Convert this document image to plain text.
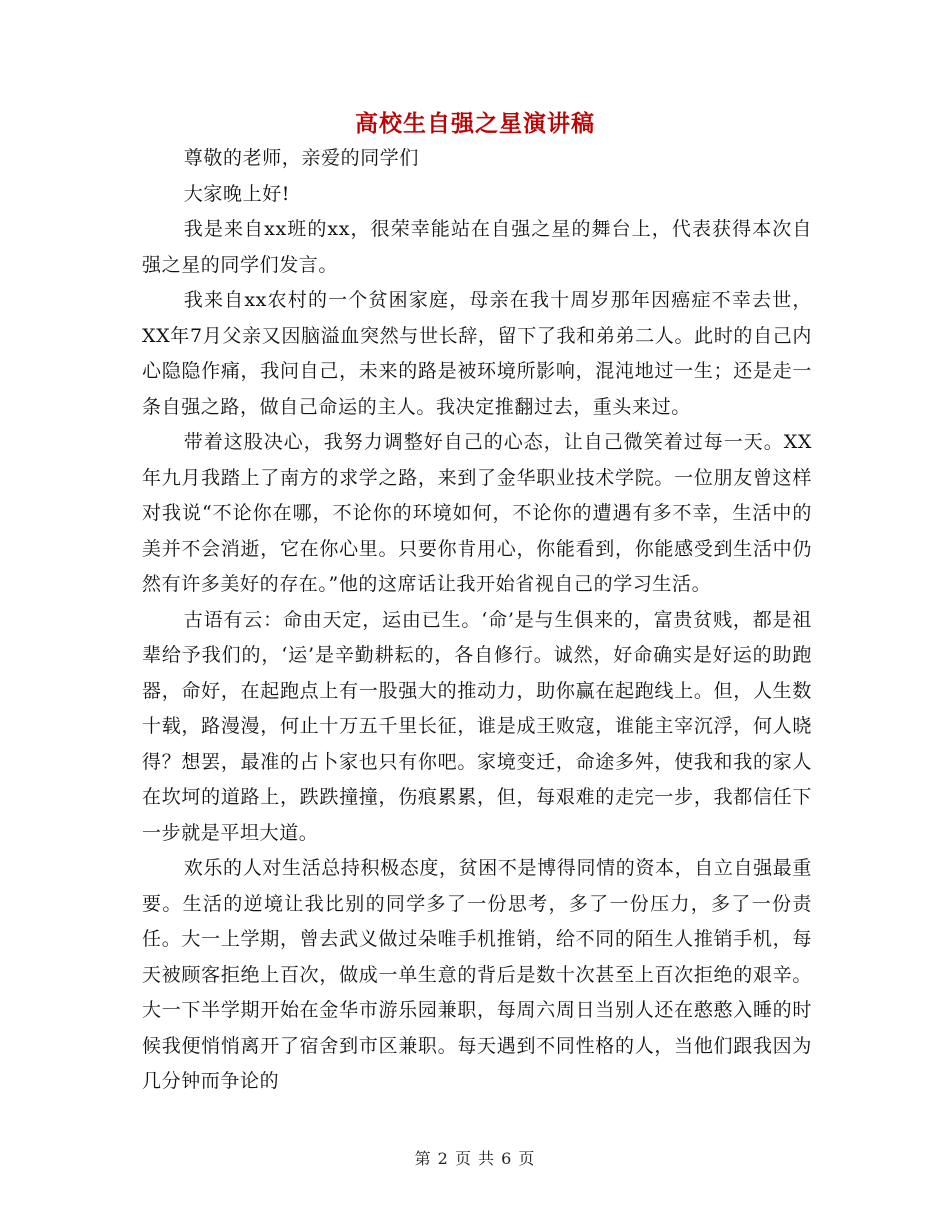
高校生自强之星演讲稿

尊敬的老师，亲爱的同学们

大家晚上好!

我是来自xx班的xx，很荣幸能站在自强之星的舞台上，代表获得本次自强之星的同学们发言。

我来自xx农村的一个贫困家庭，母亲在我十周岁那年因癌症不幸去世，XX年7月父亲又因脑溢血突然与世长辞，留下了我和弟弟二人。此时的自己内心隐隐作痛，我问自己，未来的路是被环境所影响，混沌地过一生；还是走一条自强之路，做自己命运的主人。我决定推翻过去，重头来过。

带着这股决心，我努力调整好自己的心态，让自己微笑着过每一天。XX年九月我踏上了南方的求学之路，来到了金华职业技术学院。一位朋友曾这样对我说“不论你在哪，不论你的环境如何，不论你的遭遇有多不幸，生活中的美并不会消逝，它在你心里。只要你肯用心，你能看到，你能感受到生活中仍然有许多美好的存在。”他的这席话让我开始省视自己的学习生活。

古语有云：命由天定，运由已生。‘命’是与生俱来的，富贵贫贱，都是祖辈给予我们的，‘运’是辛勤耕耘的，各自修行。诚然，好命确实是好运的助跑器，命好，在起跑点上有一股强大的推动力，助你赢在起跑线上。但，人生数十载，路漫漫，何止十万五千里长征，谁是成王败寇，谁能主宰沉浮，何人晓得？想罢，最准的占卜家也只有你吧。家境变迁，命途多舛，使我和我的家人在坎坷的道路上，跌跌撞撞，伤痕累累，但，每艰难的走完一步，我都信任下一步就是平坦大道。

欢乐的人对生活总持积极态度，贫困不是博得同情的资本，自立自强最重要。生活的逆境让我比别的同学多了一份思考，多了一份压力，多了一份责任。大一上学期，曾去武义做过朵唯手机推销，给不同的陌生人推销手机，每天被顾客拒绝上百次，做成一单生意的背后是数十次甚至上百次拒绝的艰辛。大一下半学期开始在金华市游乐园兼职，每周六周日当别人还在憨憨入睡的时候我便悄悄离开了宿舍到市区兼职。每天遇到不同性格的人，当他们跟我因为几分钟而争论的

第 2 页 共 6 页
